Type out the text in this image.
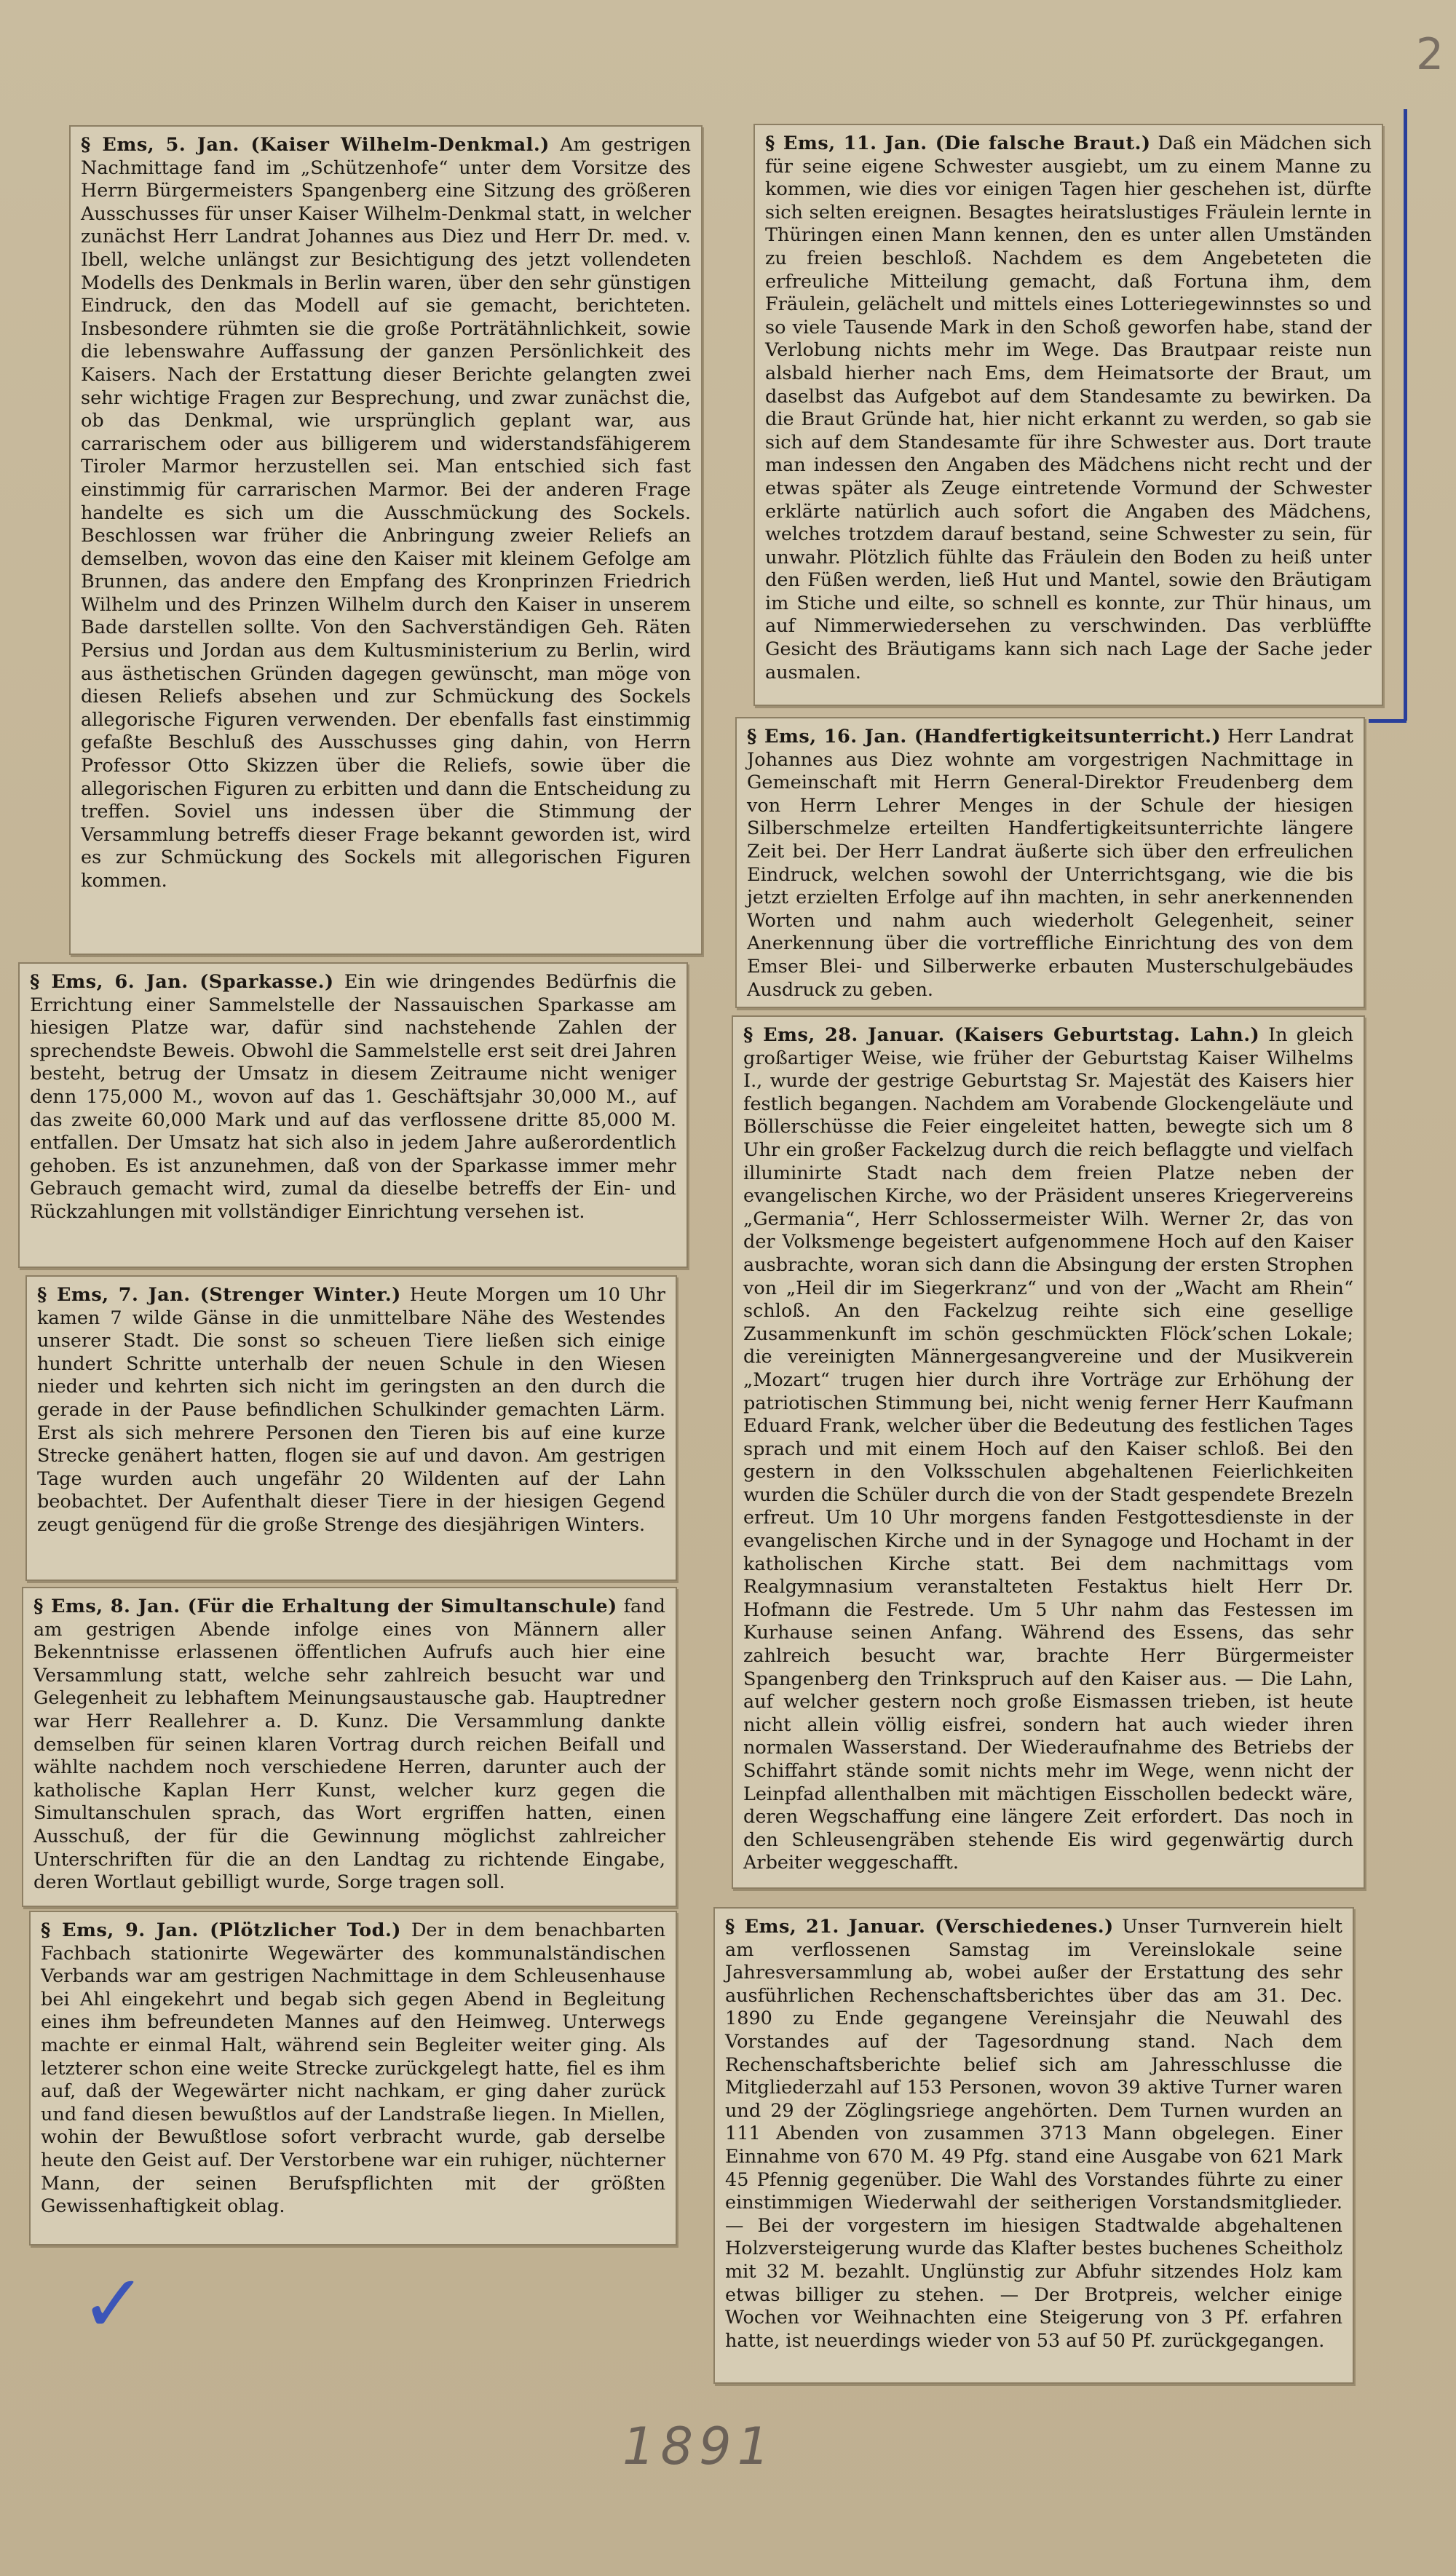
§ Ems, 5. Jan. (Kaiser Wilhelm-Denkmal.) Am gestrigen Nachmittage fand im „Schützenhofe“ unter dem Vorsitze des Herrn Bürgermeisters Spangenberg eine Sitzung des größeren Ausschusses für unser Kaiser Wilhelm-Denkmal statt, in welcher zunächst Herr Landrat Johannes aus Diez und Herr Dr. med. v. Ibell, welche unlängst zur Besichtigung des jetzt vollendeten Modells des Denkmals in Berlin waren, über den sehr günstigen Eindruck, den das Modell auf sie gemacht, berichteten. Insbesondere rühmten sie die große Porträtähnlichkeit, sowie die lebenswahre Auffassung der ganzen Persönlichkeit des Kaisers. Nach der Erstattung dieser Berichte gelangten zwei sehr wichtige Fragen zur Besprechung, und zwar zunächst die, ob das Denkmal, wie ursprünglich geplant war, aus carrarischem oder aus billigerem und widerstandsfähigerem Tiroler Marmor herzustellen sei. Man entschied sich fast einstimmig für carrarischen Marmor. Bei der anderen Frage handelte es sich um die Ausschmückung des Sockels. Beschlossen war früher die Anbringung zweier Reliefs an demselben, wovon das eine den Kaiser mit kleinem Gefolge am Brunnen, das andere den Empfang des Kronprinzen Friedrich Wilhelm und des Prinzen Wilhelm durch den Kaiser in unserem Bade darstellen sollte. Von den Sachverständigen Geh. Räten Persius und Jordan aus dem Kultusministerium zu Berlin, wird aus ästhetischen Gründen dagegen gewünscht, man möge von diesen Reliefs absehen und zur Schmückung des Sockels allegorische Figuren verwenden. Der ebenfalls fast einstimmig gefaßte Beschluß des Ausschusses ging dahin, von Herrn Professor Otto Skizzen über die Reliefs, sowie über die allegorischen Figuren zu erbitten und dann die Entscheidung zu treffen. Soviel uns indessen über die Stimmung der Versammlung betreffs dieser Frage bekannt geworden ist, wird es zur Schmückung des Sockels mit allegorischen Figuren kommen.

§ Ems, 6. Jan. (Sparkasse.) Ein wie dringendes Bedürfnis die Errichtung einer Sammelstelle der Nassauischen Sparkasse am hiesigen Platze war, dafür sind nachstehende Zahlen der sprechendste Beweis. Obwohl die Sammelstelle erst seit drei Jahren besteht, betrug der Umsatz in diesem Zeitraume nicht weniger denn 175,000 M., wovon auf das 1. Geschäftsjahr 30,000 M., auf das zweite 60,000 Mark und auf das verflossene dritte 85,000 M. entfallen. Der Umsatz hat sich also in jedem Jahre außerordentlich gehoben. Es ist anzunehmen, daß von der Sparkasse immer mehr Gebrauch gemacht wird, zumal da dieselbe betreffs der Ein- und Rückzahlungen mit vollständiger Einrichtung versehen ist.

§ Ems, 7. Jan. (Strenger Winter.) Heute Morgen um 10 Uhr kamen 7 wilde Gänse in die unmittelbare Nähe des Westendes unserer Stadt. Die sonst so scheuen Tiere ließen sich einige hundert Schritte unterhalb der neuen Schule in den Wiesen nieder und kehrten sich nicht im geringsten an den durch die gerade in der Pause befindlichen Schulkinder gemachten Lärm. Erst als sich mehrere Personen den Tieren bis auf eine kurze Strecke genähert hatten, flogen sie auf und davon. Am gestrigen Tage wurden auch ungefähr 20 Wildenten auf der Lahn beobachtet. Der Aufenthalt dieser Tiere in der hiesigen Gegend zeugt genügend für die große Strenge des diesjährigen Winters.

§ Ems, 8. Jan. (Für die Erhaltung der Simultanschule) fand am gestrigen Abende infolge eines von Männern aller Bekenntnisse erlassenen öffentlichen Aufrufs auch hier eine Versammlung statt, welche sehr zahlreich besucht war und Gelegenheit zu lebhaftem Meinungsaustausche gab. Hauptredner war Herr Reallehrer a. D. Kunz. Die Versammlung dankte demselben für seinen klaren Vortrag durch reichen Beifall und wählte nachdem noch verschiedene Herren, darunter auch der katholische Kaplan Herr Kunst, welcher kurz gegen die Simultanschulen sprach, das Wort ergriffen hatten, einen Ausschuß, der für die Gewinnung möglichst zahlreicher Unterschriften für die an den Landtag zu richtende Eingabe, deren Wortlaut gebilligt wurde, Sorge tragen soll.

§ Ems, 9. Jan. (Plötzlicher Tod.) Der in dem benachbarten Fachbach stationirte Wegewärter des kommunalständischen Verbands war am gestrigen Nachmittage in dem Schleusenhause bei Ahl eingekehrt und begab sich gegen Abend in Begleitung eines ihm befreundeten Mannes auf den Heimweg. Unterwegs machte er einmal Halt, während sein Begleiter weiter ging. Als letzterer schon eine weite Strecke zurückgelegt hatte, fiel es ihm auf, daß der Wegewärter nicht nachkam, er ging daher zurück und fand diesen bewußtlos auf der Landstraße liegen. In Miellen, wohin der Bewußtlose sofort verbracht wurde, gab derselbe heute den Geist auf. Der Verstorbene war ein ruhiger, nüchterner Mann, der seinen Berufspflichten mit der größten Gewissenhaftigkeit oblag.

§ Ems, 11. Jan. (Die falsche Braut.) Daß ein Mädchen sich für seine eigene Schwester ausgiebt, um zu einem Manne zu kommen, wie dies vor einigen Tagen hier geschehen ist, dürfte sich selten ereignen. Besagtes heiratslustiges Fräulein lernte in Thüringen einen Mann kennen, den es unter allen Umständen zu freien beschloß. Nachdem es dem Angebeteten die erfreuliche Mitteilung gemacht, daß Fortuna ihm, dem Fräulein, gelächelt und mittels eines Lotteriegewinnstes so und so viele Tausende Mark in den Schoß geworfen habe, stand der Verlobung nichts mehr im Wege. Das Brautpaar reiste nun alsbald hierher nach Ems, dem Heimatsorte der Braut, um daselbst das Aufgebot auf dem Standesamte zu bewirken. Da die Braut Gründe hat, hier nicht erkannt zu werden, so gab sie sich auf dem Standesamte für ihre Schwester aus. Dort traute man indessen den Angaben des Mädchens nicht recht und der etwas später als Zeuge eintretende Vormund der Schwester erklärte natürlich auch sofort die Angaben des Mädchens, welches trotzdem darauf bestand, seine Schwester zu sein, für unwahr. Plötzlich fühlte das Fräulein den Boden zu heiß unter den Füßen werden, ließ Hut und Mantel, sowie den Bräutigam im Stiche und eilte, so schnell es konnte, zur Thür hinaus, um auf Nimmerwiedersehen zu verschwinden. Das verblüffte Gesicht des Bräutigams kann sich nach Lage der Sache jeder ausmalen.

§ Ems, 16. Jan. (Handfertigkeitsunterricht.) Herr Landrat Johannes aus Diez wohnte am vorgestrigen Nachmittage in Gemeinschaft mit Herrn General-Direktor Freudenberg dem von Herrn Lehrer Menges in der Schule der hiesigen Silberschmelze erteilten Handfertigkeitsunterrichte längere Zeit bei. Der Herr Landrat äußerte sich über den erfreulichen Eindruck, welchen sowohl der Unterrichtsgang, wie die bis jetzt erzielten Erfolge auf ihn machten, in sehr anerkennenden Worten und nahm auch wiederholt Gelegenheit, seiner Anerkennung über die vortreffliche Einrichtung des von dem Emser Blei- und Silberwerke erbauten Musterschulgebäudes Ausdruck zu geben.

§ Ems, 28. Januar. (Kaisers Geburtstag. Lahn.) In gleich großartiger Weise, wie früher der Geburtstag Kaiser Wilhelms I., wurde der gestrige Geburtstag Sr. Majestät des Kaisers hier festlich begangen. Nachdem am Vorabende Glockengeläute und Böllerschüsse die Feier eingeleitet hatten, bewegte sich um 8 Uhr ein großer Fackelzug durch die reich beflaggte und vielfach illuminirte Stadt nach dem freien Platze neben der evangelischen Kirche, wo der Präsident unseres Kriegervereins „Germania“, Herr Schlossermeister Wilh. Werner 2r, das von der Volksmenge begeistert aufgenommene Hoch auf den Kaiser ausbrachte, woran sich dann die Absingung der ersten Strophen von „Heil dir im Siegerkranz“ und von der „Wacht am Rhein“ schloß. An den Fackelzug reihte sich eine gesellige Zusammenkunft im schön geschmückten Flöck’schen Lokale; die vereinigten Männergesangvereine und der Musikverein „Mozart“ trugen hier durch ihre Vorträge zur Erhöhung der patriotischen Stimmung bei, nicht wenig ferner Herr Kaufmann Eduard Frank, welcher über die Bedeutung des festlichen Tages sprach und mit einem Hoch auf den Kaiser schloß. Bei den gestern in den Volksschulen abgehaltenen Feierlichkeiten wurden die Schüler durch die von der Stadt gespendete Brezeln erfreut. Um 10 Uhr morgens fanden Festgottesdienste in der evangelischen Kirche und in der Synagoge und Hochamt in der katholischen Kirche statt. Bei dem nachmittags vom Realgymnasium veranstalteten Festaktus hielt Herr Dr. Hofmann die Festrede. Um 5 Uhr nahm das Festessen im Kurhause seinen Anfang. Während des Essens, das sehr zahlreich besucht war, brachte Herr Bürgermeister Spangenberg den Trinkspruch auf den Kaiser aus. — Die Lahn, auf welcher gestern noch große Eismassen trieben, ist heute nicht allein völlig eisfrei, sondern hat auch wieder ihren normalen Wasserstand. Der Wiederaufnahme des Betriebs der Schiffahrt stände somit nichts mehr im Wege, wenn nicht der Leinpfad allenthalben mit mächtigen Eisschollen bedeckt wäre, deren Wegschaffung eine längere Zeit erfordert. Das noch in den Schleusengräben stehende Eis wird gegenwärtig durch Arbeiter weggeschafft.

§ Ems, 21. Januar. (Verschiedenes.) Unser Turnverein hielt am verflossenen Samstag im Vereinslokale seine Jahresversammlung ab, wobei außer der Erstattung des sehr ausführlichen Rechenschaftsberichtes über das am 31. Dec. 1890 zu Ende gegangene Vereinsjahr die Neuwahl des Vorstandes auf der Tagesordnung stand. Nach dem Rechenschaftsberichte belief sich am Jahresschlusse die Mitgliederzahl auf 153 Personen, wovon 39 aktive Turner waren und 29 der Zöglingsriege angehörten. Dem Turnen wurden an 111 Abenden von zusammen 3713 Mann obgelegen. Einer Einnahme von 670 M. 49 Pfg. stand eine Ausgabe von 621 Mark 45 Pfennig gegenüber. Die Wahl des Vorstandes führte zu einer einstimmigen Wiederwahl der seitherigen Vorstandsmitglieder. — Bei der vorgestern im hiesigen Stadtwalde abgehaltenen Holzversteigerung wurde das Klafter bestes buchenes Scheitholz mit 32 M. bezahlt. Unglünstig zur Abfuhr sitzendes Holz kam etwas billiger zu stehen. — Der Brotpreis, welcher einige Wochen vor Weihnachten eine Steigerung von 3 Pf. erfahren hatte, ist neuerdings wieder von 53 auf 50 Pf. zurückgegangen.

✓
1891
2
